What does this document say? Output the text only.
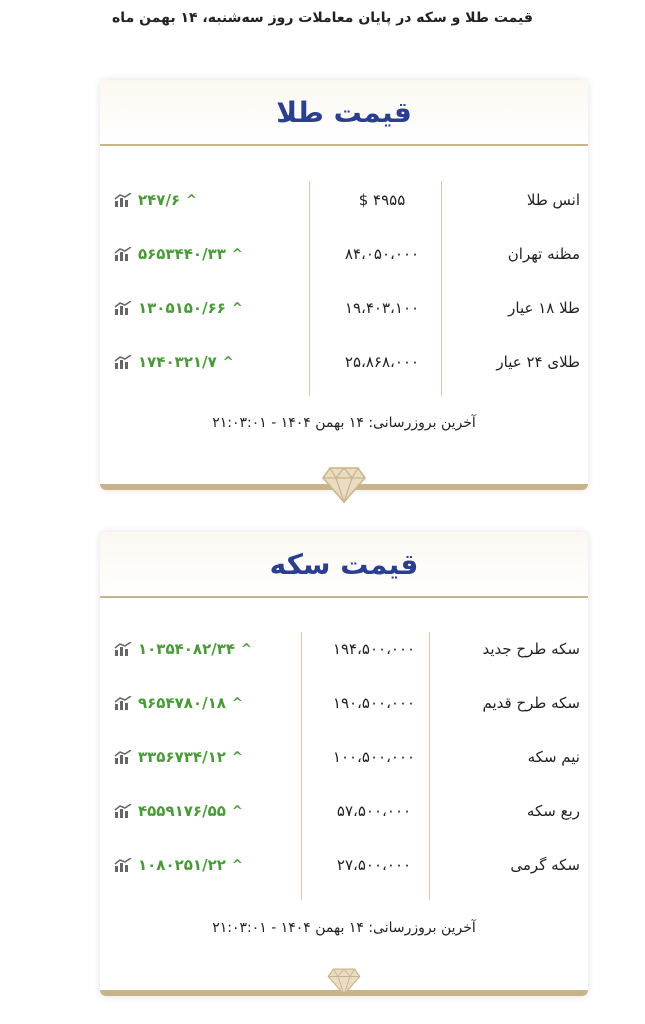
قیمت طلا و سکه در پایان معاملات روز سه‌شنبه، ۱۴ بهمن ماه
قیمت طلا
انس طلا
$ ۴۹۵۵
۲۴۷/۶ ^
مظنه تهران
۸۴،۰۵۰،۰۰۰
۵۶۵۳۴۴۰/۳۳ ^
طلا ۱۸ عیار
۱۹،۴۰۳،۱۰۰
۱۳۰۵۱۵۰/۶۶ ^
طلای ۲۴ عیار
۲۵،۸۶۸،۰۰۰
۱۷۴۰۳۲۱/۷ ^
آخرین بروزرسانی: ۱۴ بهمن ۱۴۰۴ - ۲۱:۰۳:۰۱
قیمت سکه
سکه طرح جدید
۱۹۴،۵۰۰،۰۰۰
۱۰۳۵۴۰۸۲/۳۴ ^
سکه طرح قدیم
۱۹۰،۵۰۰،۰۰۰
۹۶۵۴۷۸۰/۱۸ ^
نیم سکه
۱۰۰،۵۰۰،۰۰۰
۳۳۵۶۷۳۴/۱۲ ^
ربع سکه
۵۷،۵۰۰،۰۰۰
۴۵۵۹۱۷۶/۵۵ ^
سکه گرمی
۲۷،۵۰۰،۰۰۰
۱۰۸۰۲۵۱/۲۲ ^
آخرین بروزرسانی: ۱۴ بهمن ۱۴۰۴ - ۲۱:۰۳:۰۱
